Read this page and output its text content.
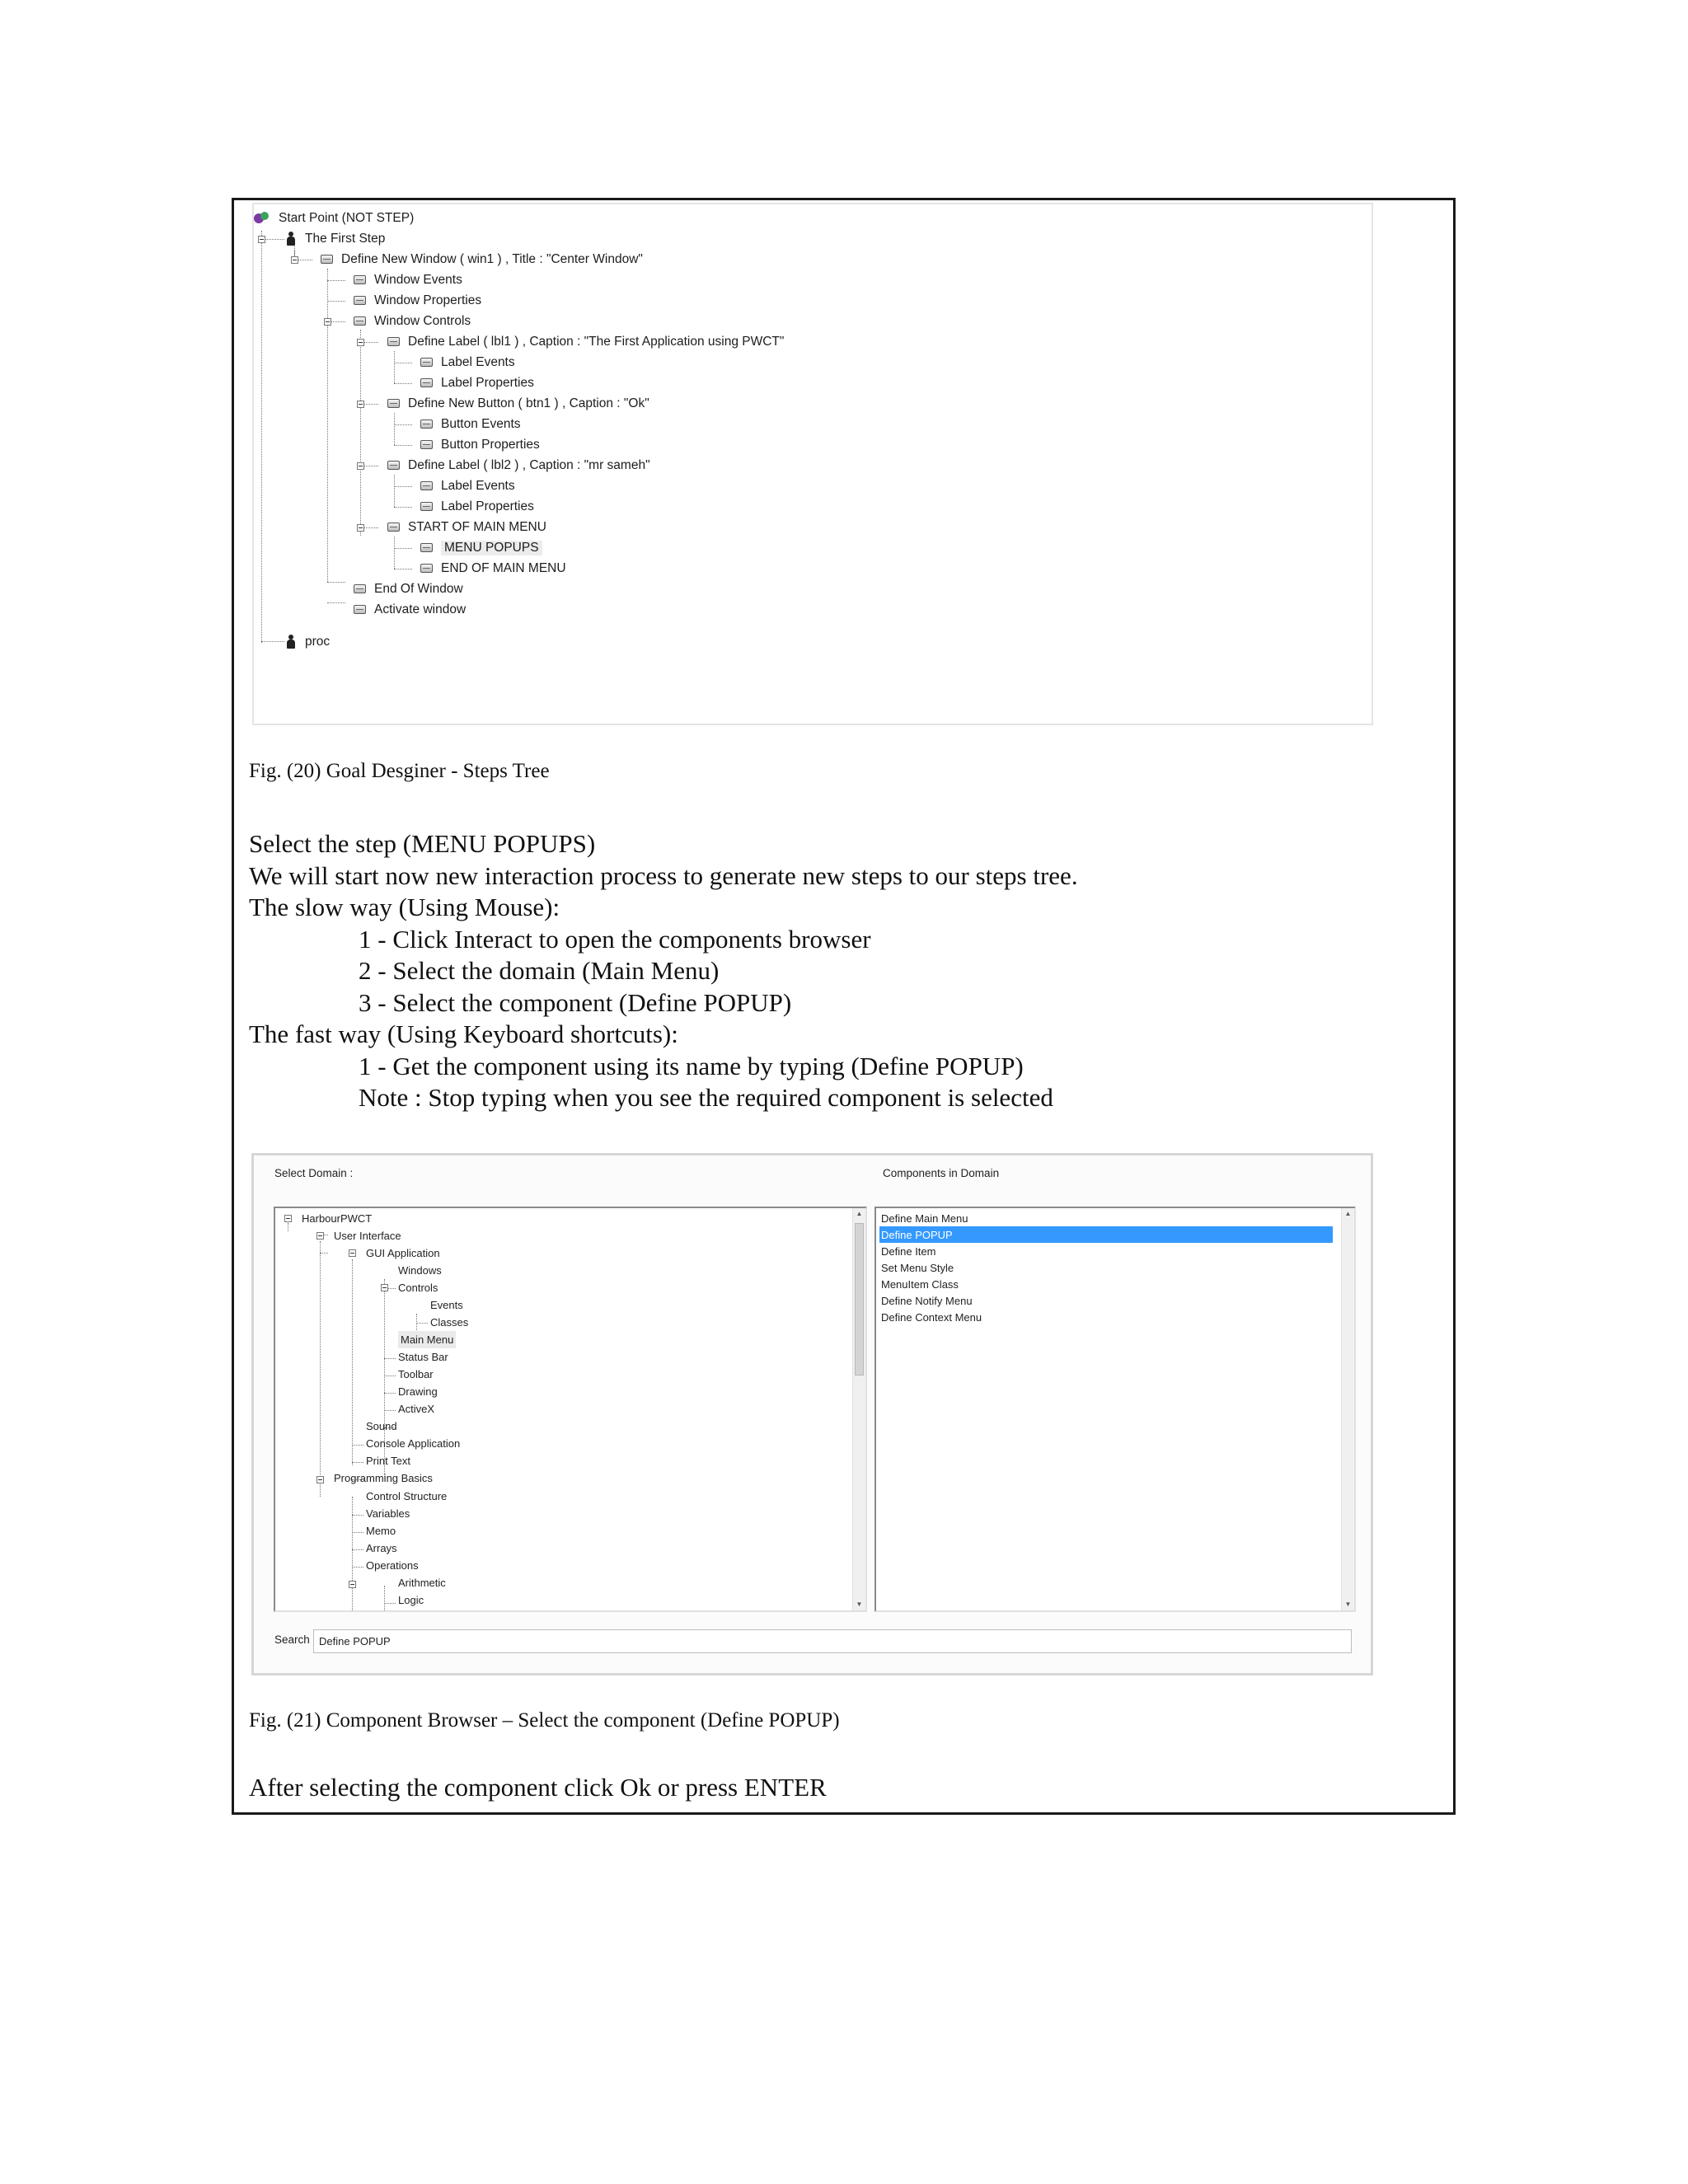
Start Point (NOT STEP)
The First Step
Define New Window ( win1 ) , Title : "Center Window"
Window Events
Window Properties
Window Controls
Define Label ( lbl1 ) , Caption : "The First Application using PWCT"
Label Events
Label Properties
Define New Button ( btn1 ) , Caption : "Ok"
Button Events
Button Properties
Define Label ( lbl2 ) , Caption : "mr sameh"
Label Events
Label Properties
START OF MAIN MENU
MENU POPUPS
END OF MAIN MENU
End Of Window
Activate window
proc
Fig. (20) Goal Desginer - Steps Tree
Select the step (MENU POPUPS)
We will start now new interaction process to generate new steps to our steps tree.
The slow way (Using Mouse):
1 - Click Interact to open the components browser
2 - Select the domain (Main Menu)
3 - Select the component (Define POPUP)
The fast way (Using Keyboard shortcuts):
1 - Get the component using its name by typing (Define POPUP)
Note : Stop typing when you see the required component is selected
Select Domain :	Components in Domain
HarbourPWCT
User Interface
GUI Application
Windows
Controls
Events
Classes
Main Menu
Status Bar
Toolbar
Drawing
ActiveX
Sound
Console Application
Print Text
Programming Basics
Control Structure
Variables
Memo
Arrays
Operations
Arithmetic
Logic
▲
▼
Define Main Menu
Define POPUP
Define Item
Set Menu Style
MenuItem Class
Define Notify Menu
Define Context Menu
▲
▼
Search Define POPUP
Fig. (21) Component Browser – Select the component (Define POPUP)
After selecting the component click Ok or press ENTER
